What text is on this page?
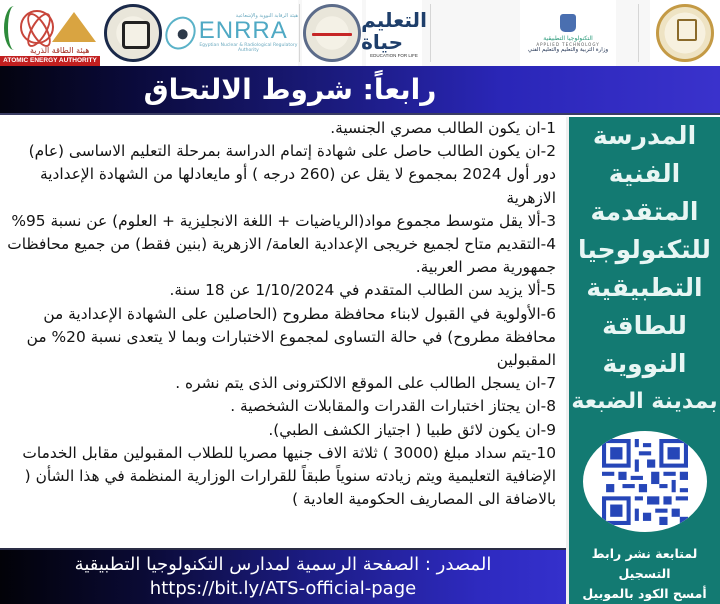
هيئة الطاقة الذرية
ATOMIC ENERGY AUTHORITY
هيئة الرقابة النووية والإشعاعية
ENRRA
Egyptian Nuclear & Radiological Regulatory Authority
التعليم حياة
EDUCATION FOR LIFE
التكنولوجيا التطبيقية
APPLIED TECHNOLOGY
وزارة التربية والتعليم والتعليم الفني
رابعاً: شروط الالتحاق
1-ان يكون الطالب مصري الجنسية.
2-ان يكون الطالب حاصل على شهادة إتمام الدراسة بمرحلة التعليم الاساسى (عام) دور أول 2024 بمجموع لا يقل عن (260 درجه ) أو مايعادلها من الشهادة الإعدادية الازهرية
3-ألا يقل متوسط مجموع مواد(الرياضيات + اللغة الانجليزية + العلوم) عن نسبة 95%
4-التقديم متاح لجميع خريجى الإعدادية العامة/ الازهرية (بنين فقط) من جميع محافظات جمهورية مصر العربية.
5-ألا يزيد سن الطالب المتقدم في 1/10/2024 عن 18 سنة.
6-الأولوية في القبول لابناء محافظة مطروح (الحاصلين على الشهادة الإعدادية من محافظة مطروح) في حالة التساوى لمجموع الاختبارات وبما لا يتعدى نسبة 20% من المقبولين
7-ان يسجل الطالب على الموقع الالكترونى الذى يتم نشره .
8-ان يجتاز اختبارات القدرات والمقابلات الشخصية .
9-ان يكون لائق طبيا ( اجتياز الكشف الطبي).
10-يتم سداد مبلغ (3000 ) ثلاثة الاف جنيها مصريا للطلاب المقبولين مقابل الخدمات الإضافية التعليمية ويتم زيادته سنوياً طبقاً للقرارات الوزارية المنظمة في هذا الشأن ( بالاضافة الى المصاريف الحكومية العادية )
المدرسة
الفنية
المتقدمة
للتكنولوجيا
التطبيقية
للطاقة
النووية
بمدينة الضبعة
لمتابعة نشر رابط التسجيل
أمسح الكود بالموبيل
المصدر : الصفحة الرسمية لمدارس التكنولوجيا التطبيقية
https://bit.ly/ATS-official-page
